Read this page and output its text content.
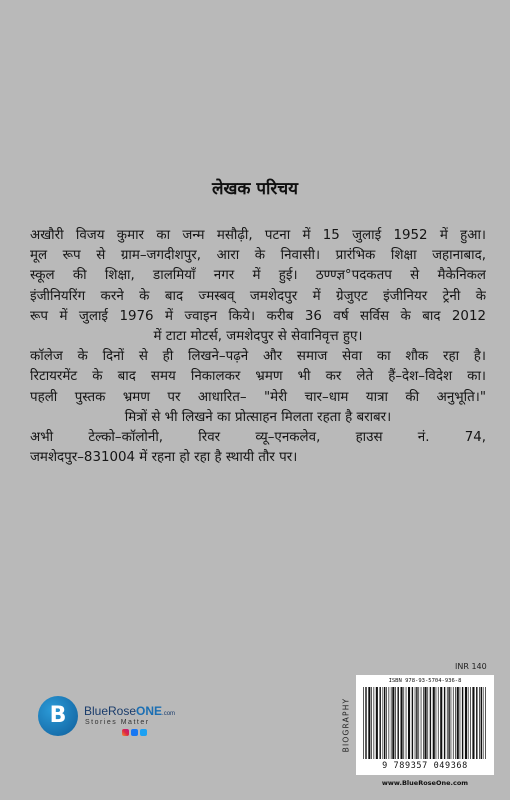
लेखक परिचय
अखौरी विजय कुमार का जन्म मसौढ़ी, पटना में 15 जुलाई 1952 में हुआ।
मूल रूप से ग्राम–जगदीशपुर, आरा के निवासी। प्रारंभिक शिक्षा जहानाबाद,
स्कूल की शिक्षा, डालमियाँ नगर में हुई। ठण्ण्ज्ञ°पदकतप से मैकेनिकल
इंजीनियरिंग करने के बाद ज्मस्बव् जमशेदपुर में ग्रेजुएट इंजीनियर ट्रेनी के
रूप में जुलाई 1976 में ज्वाइन किये। करीब 36 वर्ष सर्विस के बाद 2012
में टाटा मोटर्स, जमशेदपुर से सेवानिवृत्त हुए।
कॉलेज के दिनों से ही लिखने–पढ़ने और समाज सेवा का शौक रहा है।
रिटायरमेंट के बाद समय निकालकर भ्रमण भी कर लेते हैं–देश–विदेश का।
पहली पुस्तक भ्रमण पर आधारित– "मेरी चार–धाम यात्रा की अनुभूति।"
मित्रों से भी लिखने का प्रोत्साहन मिलता रहता है बराबर।
अभी टेल्को–कॉलोनी, रिवर व्यू–एनकलेव, हाउस नं. 74,
जमशेदपुर–831004 में रहना हो रहा है स्थायी तौर पर।
INR 140
BIOGRAPHY
ISBN 978-93-5704-936-8
9 789357 049368
www.BlueRoseOne.com
B
BlueRoseONE.com
Stories Matter
